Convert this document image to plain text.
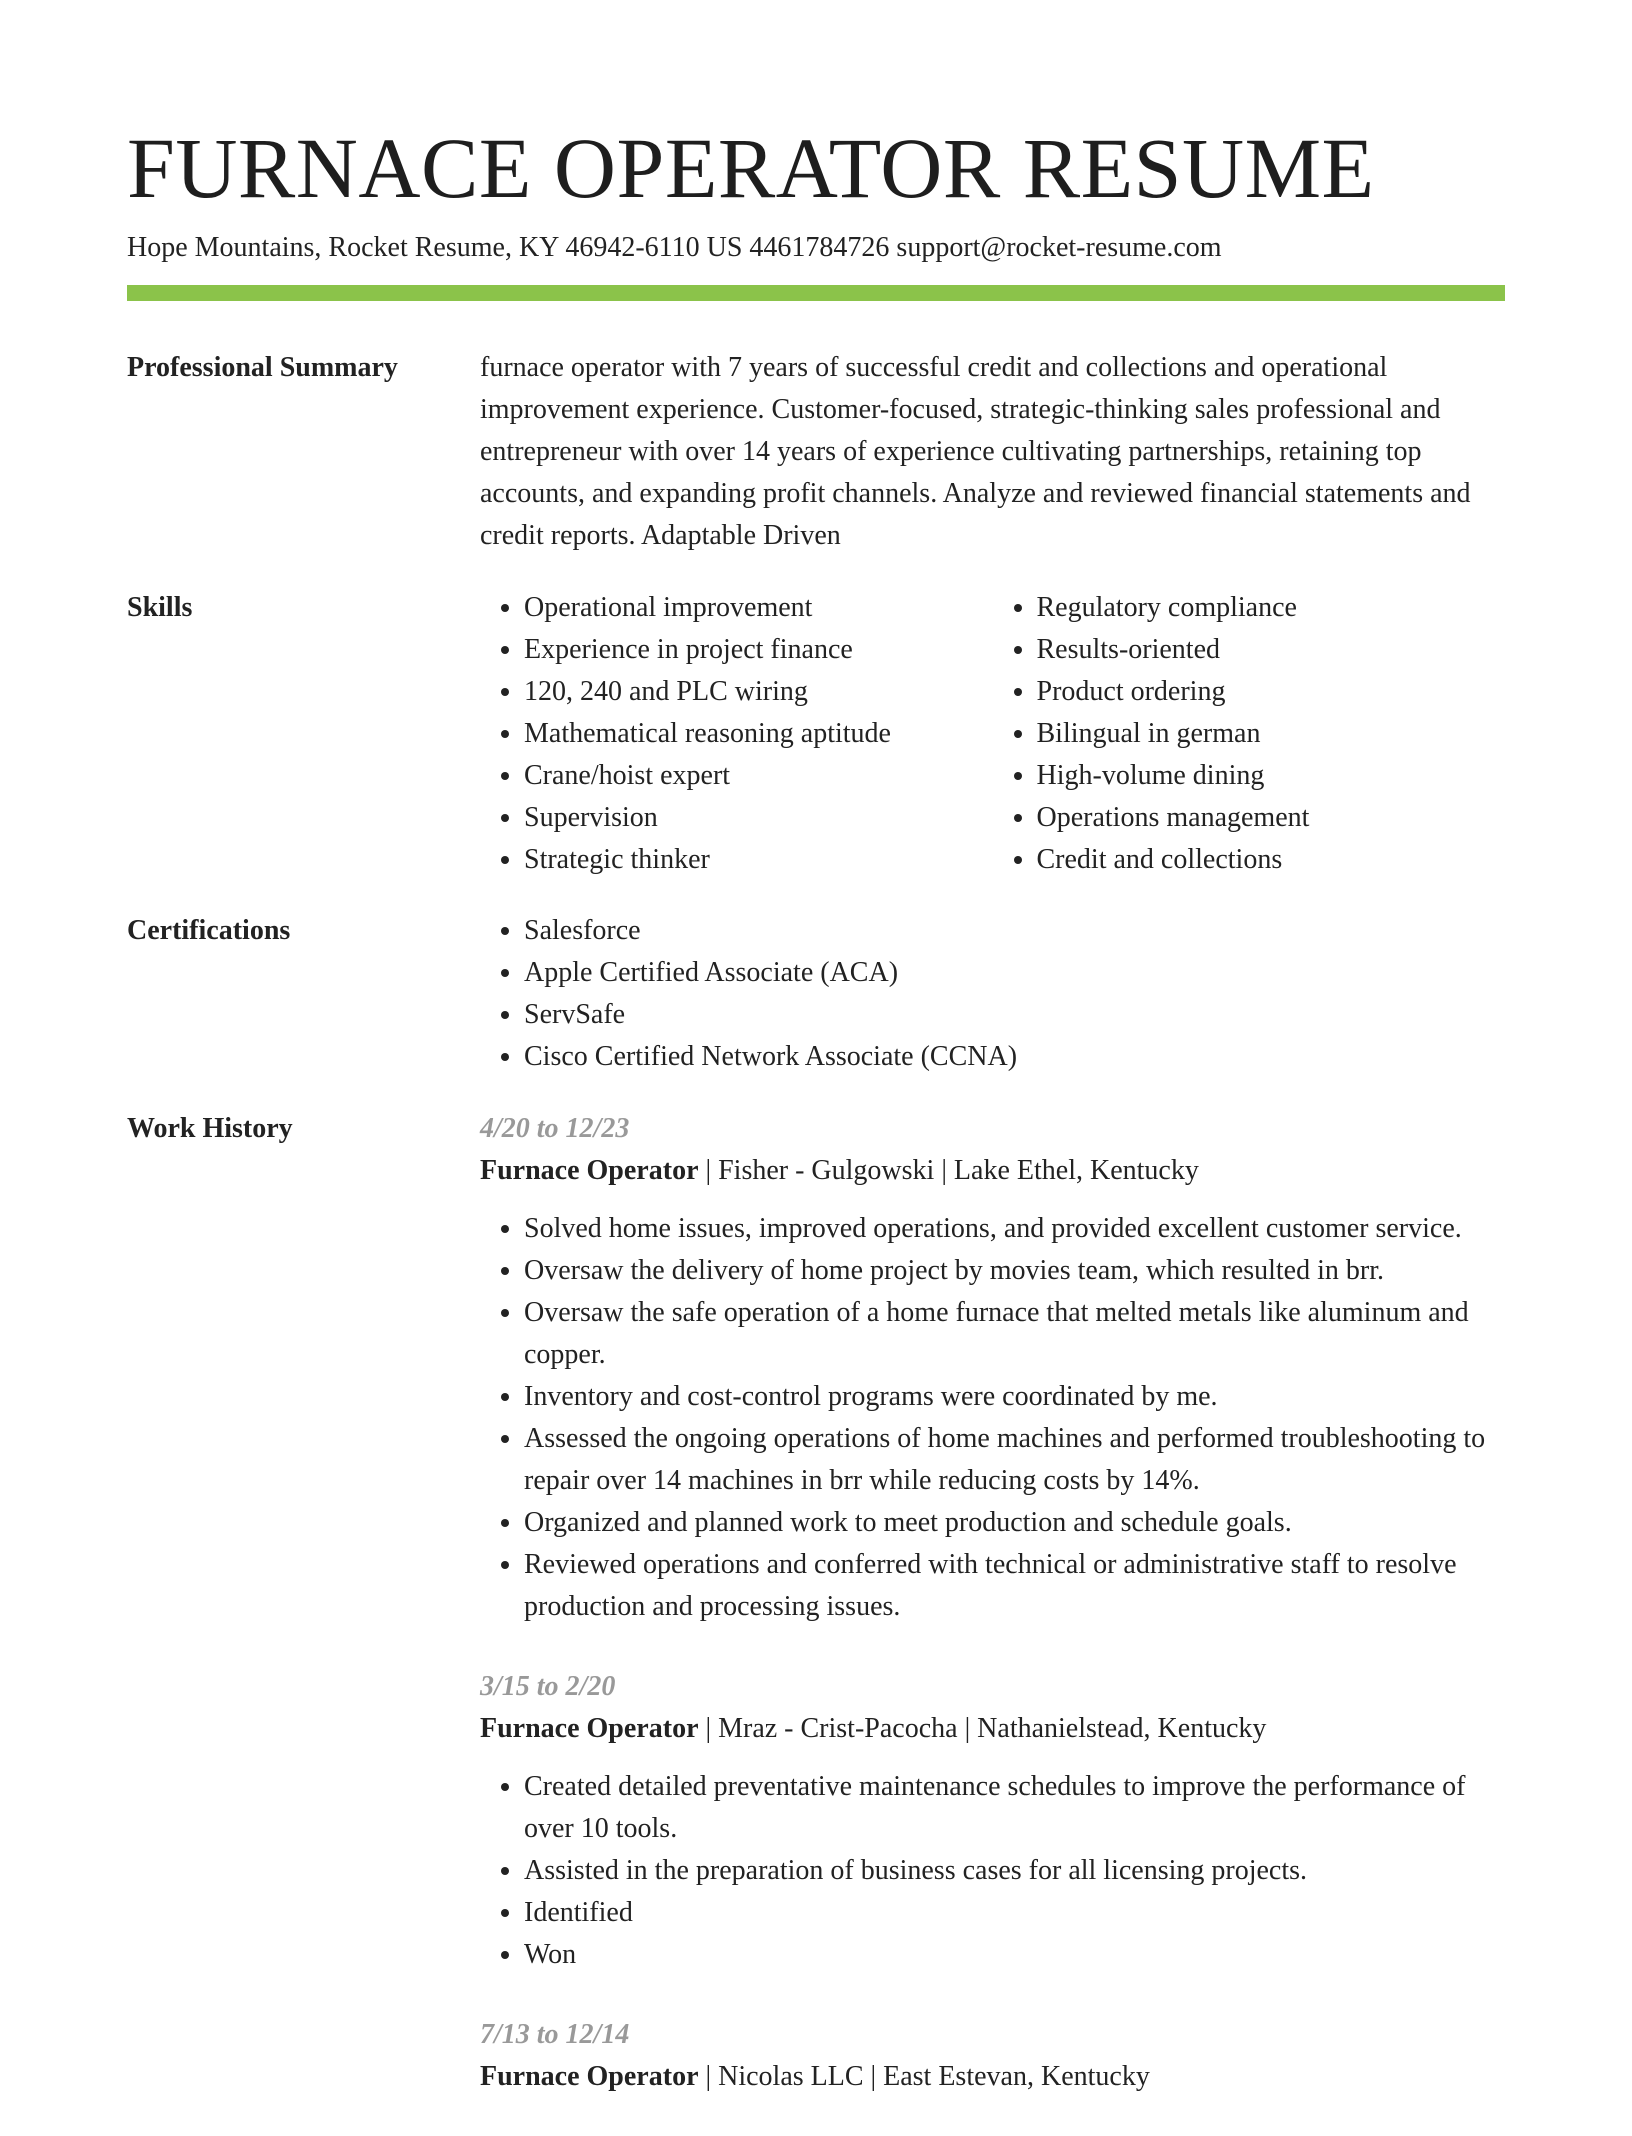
FURNACE OPERATOR RESUME
Hope Mountains, Rocket Resume, KY 46942-6110 US 4461784726 support@rocket-resume.com
Professional Summary	furnace operator with 7 years of successful credit and collections and operational improvement experience. Customer-focused, strategic-thinking sales professional and entrepreneur with over 14 years of experience cultivating partnerships, retaining top accounts, and expanding profit channels. Analyze and reviewed financial statements and credit reports. Adaptable Driven
Skills	• Operational improvement
• Experience in project finance
• 120, 240 and PLC wiring
• Mathematical reasoning aptitude
• Crane/hoist expert
• Supervision
• Strategic thinker
• Regulatory compliance
• Results-oriented
• Product ordering
• Bilingual in german
• High-volume dining
• Operations management
• Credit and collections
Certifications	• Salesforce
• Apple Certified Associate (ACA)
• ServSafe
• Cisco Certified Network Associate (CCNA)
Work History	4/20 to 12/23
Furnace Operator | Fisher - Gulgowski | Lake Ethel, Kentucky
• Solved home issues, improved operations, and provided excellent customer service.
• Oversaw the delivery of home project by movies team, which resulted in brr.
• Oversaw the safe operation of a home furnace that melted metals like aluminum and copper.
• Inventory and cost-control programs were coordinated by me.
• Assessed the ongoing operations of home machines and performed troubleshooting to repair over 14 machines in brr while reducing costs by 14%.
• Organized and planned work to meet production and schedule goals.
• Reviewed operations and conferred with technical or administrative staff to resolve production and processing issues.
3/15 to 2/20
Furnace Operator | Mraz - Crist-Pacocha | Nathanielstead, Kentucky
• Created detailed preventative maintenance schedules to improve the performance of over 10 tools.
• Assisted in the preparation of business cases for all licensing projects.
• Identified
• Won
7/13 to 12/14
Furnace Operator | Nicolas LLC | East Estevan, Kentucky
